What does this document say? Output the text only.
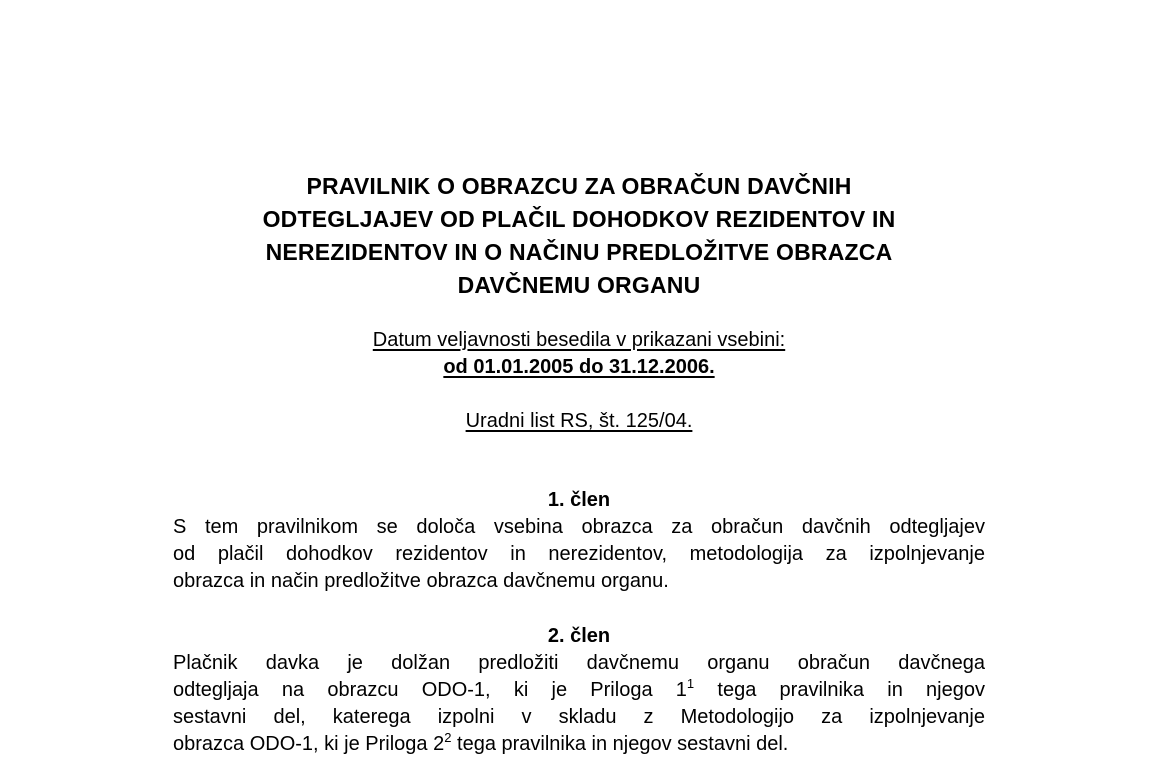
PRAVILNIK O OBRAZCU ZA OBRAČUN DAVČNIH
ODTEGLJAJEV OD PLAČIL DOHODKOV REZIDENTOV IN
NEREZIDENTOV IN O NAČINU PREDLOŽITVE OBRAZCA
DAVČNEMU ORGANU
Datum veljavnosti besedila v prikazani vsebini:
od 01.01.2005 do 31.12.2006.
Uradni list RS, št. 125/04.
1. člen
S tem pravilnikom se določa vsebina obrazca za obračun davčnih odtegljajev
od plačil dohodkov rezidentov in nerezidentov, metodologija za izpolnjevanje
obrazca in način predložitve obrazca davčnemu organu.
2. člen
Plačnik davka je dolžan predložiti davčnemu organu obračun davčnega
odtegljaja na obrazcu ODO-1, ki je Priloga 1$^1$ tega pravilnika in njegov
sestavni del, katerega izpolni v skladu z Metodologijo za izpolnjevanje
obrazca ODO-1, ki je Priloga 2$^2$ tega pravilnika in njegov sestavni del.
